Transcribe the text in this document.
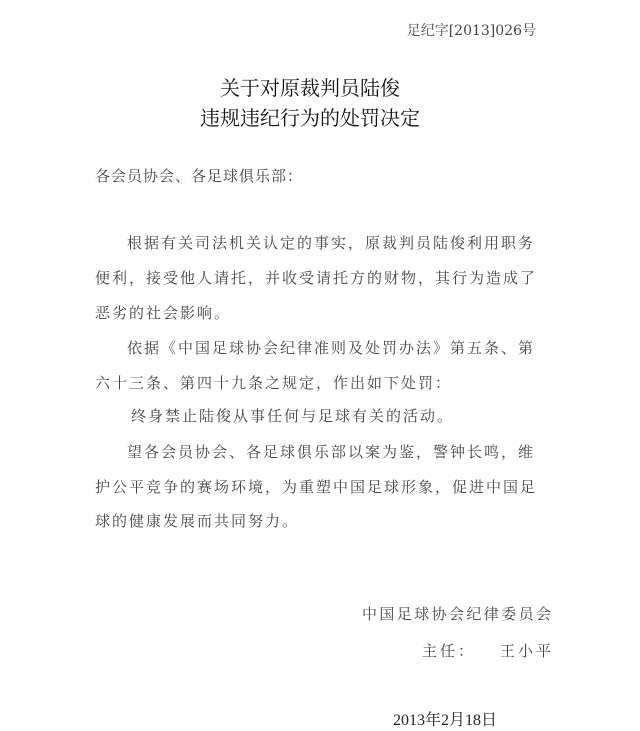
足纪字[2013]026号
关于对原裁判员陆俊
违规违纪行为的处罚决定
各会员协会、各足球俱乐部：
根据有关司法机关认定的事实，原裁判员陆俊利用职务
便利，接受他人请托，并收受请托方的财物，其行为造成了
恶劣的社会影响。
依据《中国足球协会纪律准则及处罚办法》第五条、第
六十三条、第四十九条之规定，作出如下处罚：
终身禁止陆俊从事任何与足球有关的活动。
望各会员协会、各足球俱乐部以案为鉴，警钟长鸣，维
护公平竞争的赛场环境，为重塑中国足球形象，促进中国足
球的健康发展而共同努力。
中国足球协会纪律委员会
主任： 王小平
2013年2月18日
